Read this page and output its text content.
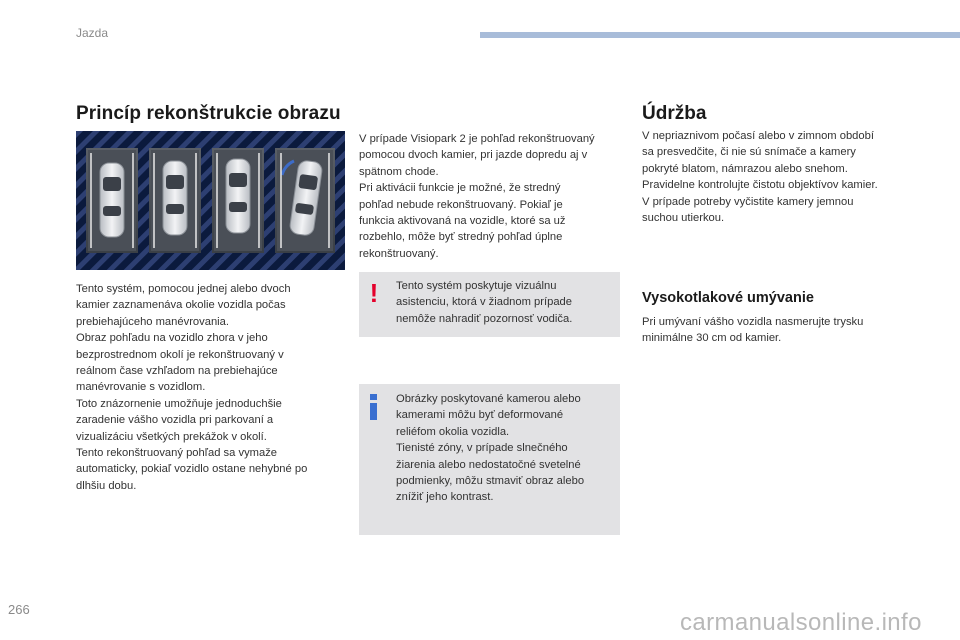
Jazda
Princíp rekonštrukcie obrazu

Tento systém, pomocou jednej alebo dvoch
kamier zaznamenáva okolie vozidla počas
prebiehajúceho manévrovania.
Obraz pohľadu na vozidlo zhora v jeho
bezprostrednom okolí je rekonštruovaný v
reálnom čase vzhľadom na prebiehajúce
manévrovanie s vozidlom.
Toto znázornenie umožňuje jednoduchšie
zaradenie vášho vozidla pri parkovaní a
vizualizáciu všetkých prekážok v okolí.
Tento rekonštruovaný pohľad sa vymaže
automaticky, pokiaľ vozidlo ostane nehybné po
dlhšiu dobu.

V prípade Visiopark 2 je pohľad rekonštruovaný
pomocou dvoch kamier, pri jazde dopredu aj v
spätnom chode.
Pri aktivácii funkcie je možné, že stredný
pohľad nebude rekonštruovaný. Pokiaľ je
funkcia aktivovaná na vozidle, ktoré sa už
rozbehlo, môže byť stredný pohľad úplne
rekonštruovaný.

! Tento systém poskytuje vizuálnu
asistenciu, ktorá v žiadnom prípade
nemôže nahradiť pozornosť vodiča.
Obrázky poskytované kamerou alebo
kamerami môžu byť deformované
reliéfom okolia vozidla.
Tienisté zóny, v prípade slnečného
žiarenia alebo nedostatočné svetelné
podmienky, môžu stmaviť obraz alebo
znížiť jeho kontrast.
Údržba

V nepriaznivom počasí alebo v zimnom období
sa presvedčite, či nie sú snímače a kamery
pokryté blatom, námrazou alebo snehom.
Pravidelne kontrolujte čistotu objektívov kamier.
V prípade potreby vyčistite kamery jemnou
suchou utierkou.

Vysokotlakové umývanie

Pri umývaní vášho vozidla nasmerujte trysku
minimálne 30 cm od kamier.

266	carmanualsonline.info
